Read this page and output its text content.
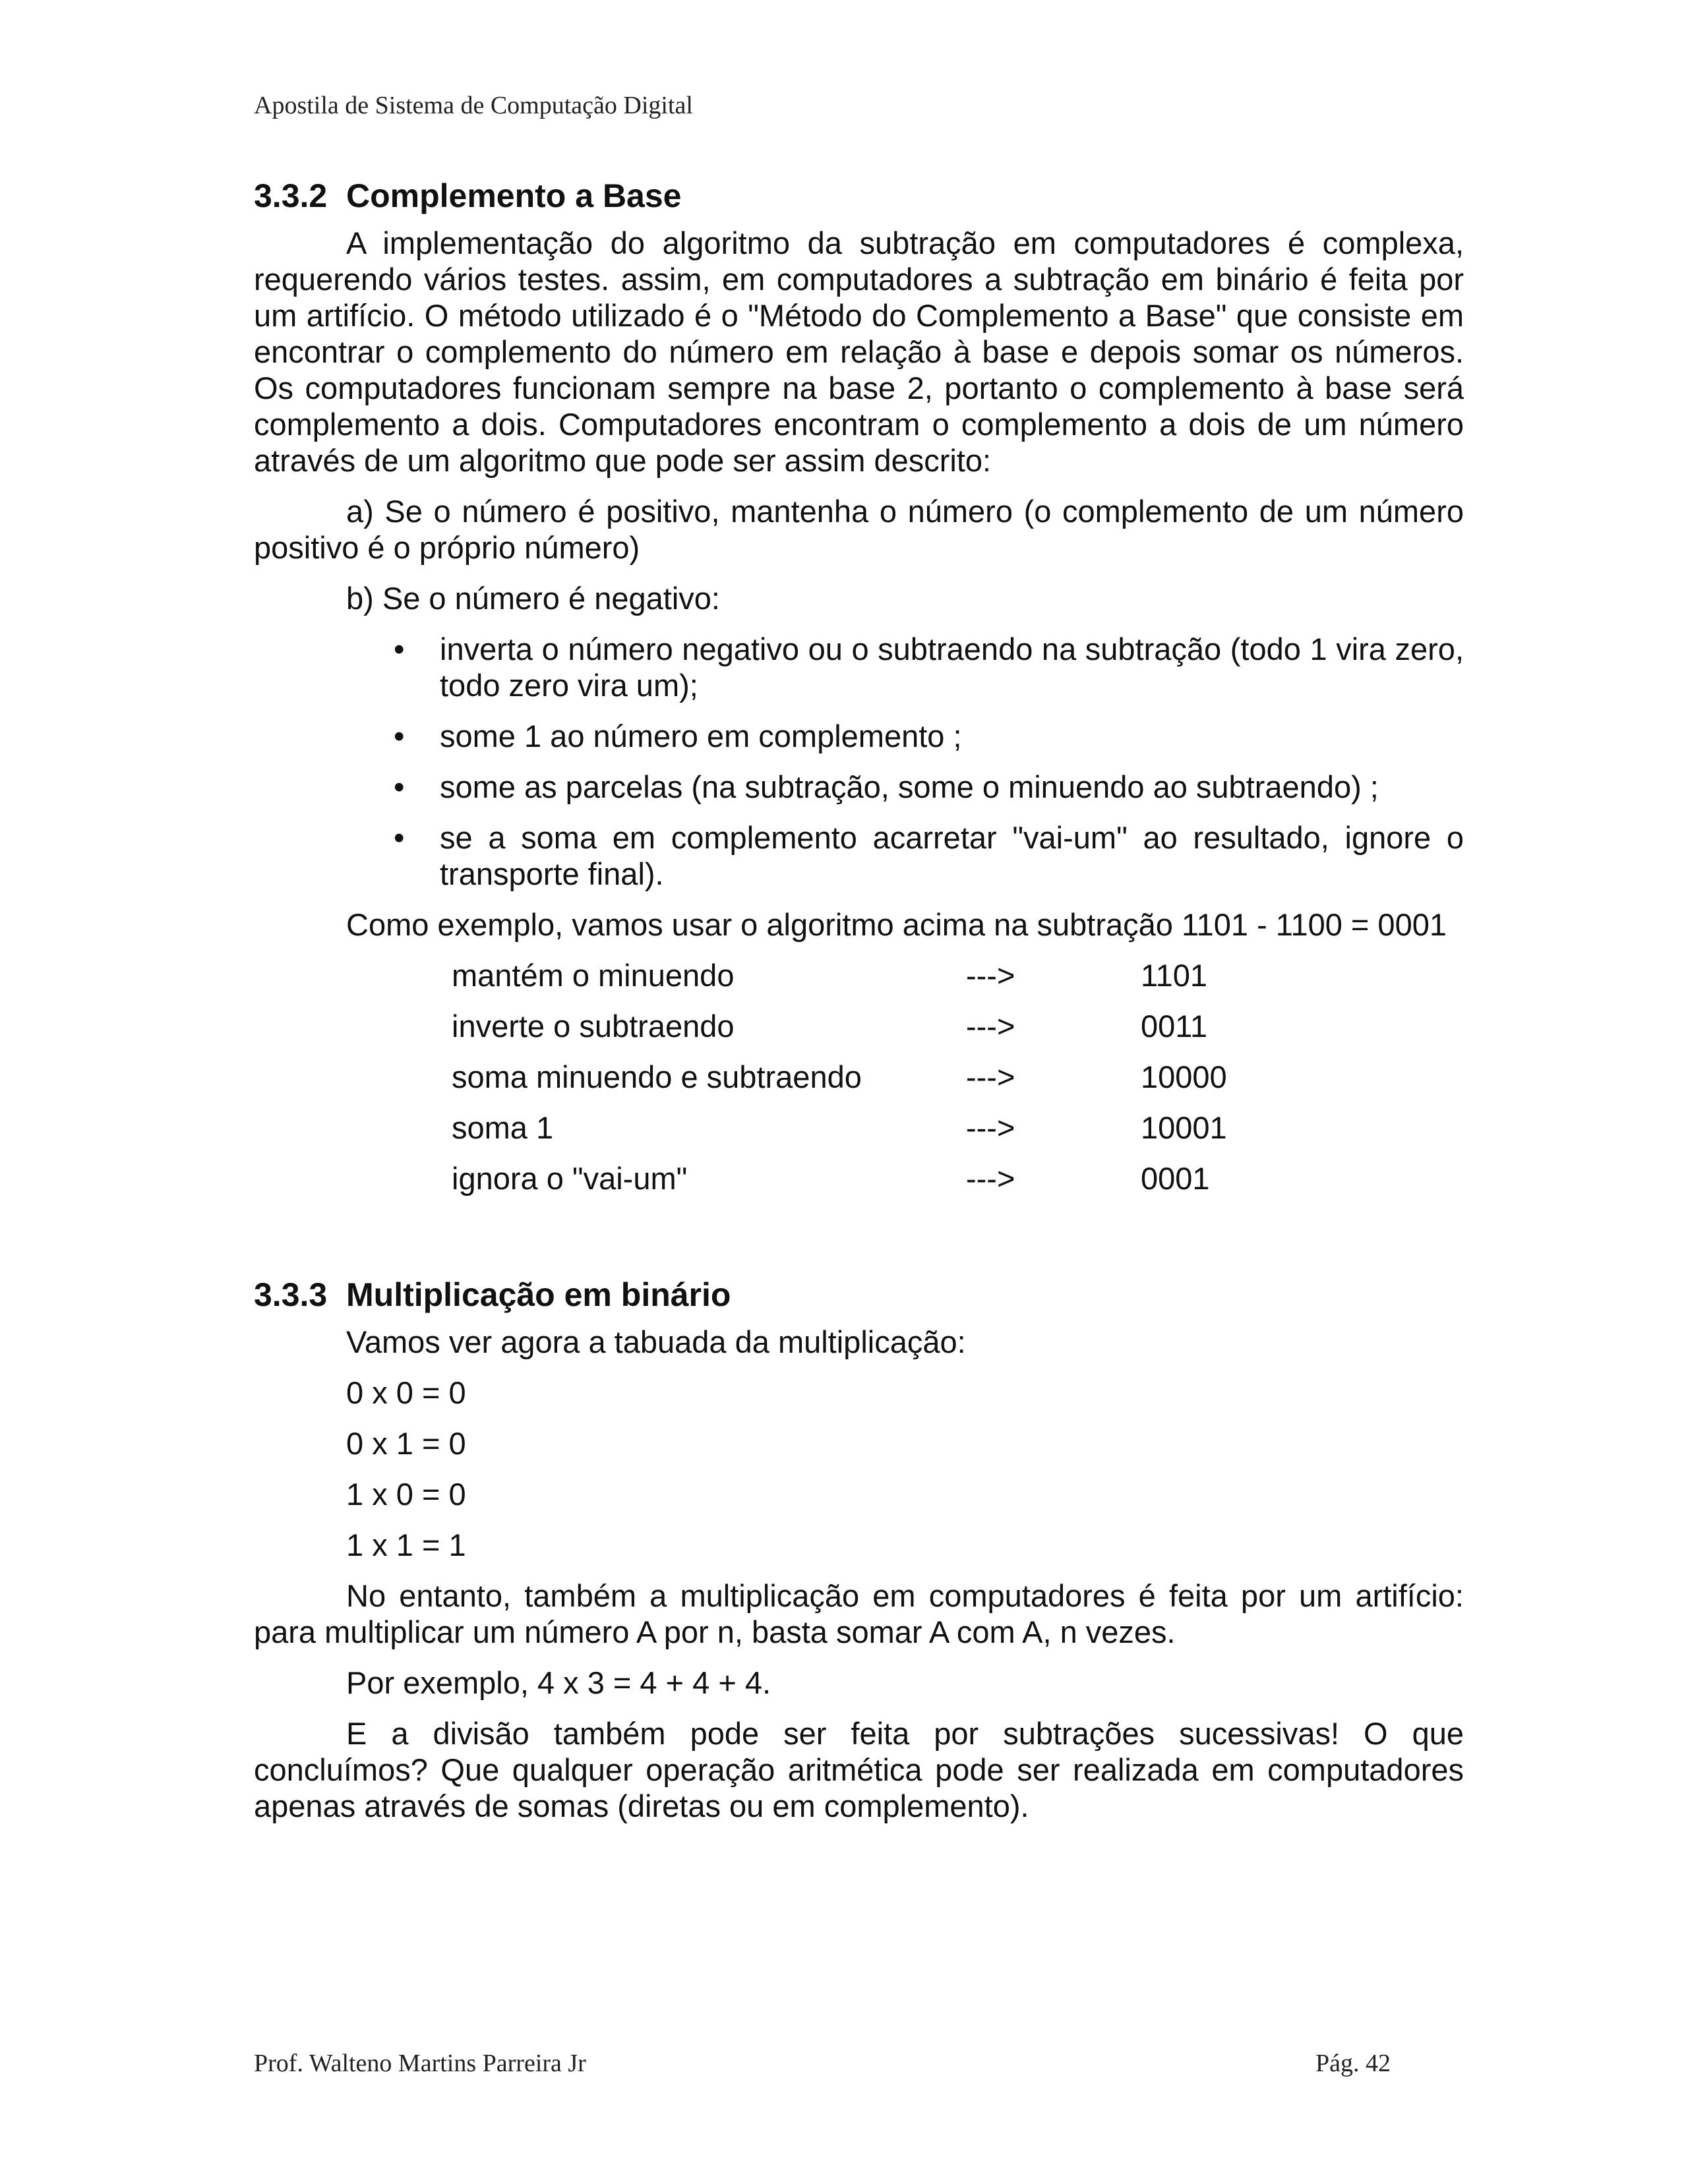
Apostila de Sistema de Computação Digital
3.3.2 Complemento a Base

A implementação do algoritmo da subtração em computadores é complexa, requerendo vários testes. assim, em computadores a subtração em binário é feita por um artifício. O método utilizado é o "Método do Complemento a Base" que consiste em encontrar o complemento do número em relação à base e depois somar os números. Os computadores funcionam sempre na base 2, portanto o complemento à base será complemento a dois. Computadores encontram o complemento a dois de um número através de um algoritmo que pode ser assim descrito:

a) Se o número é positivo, mantenha o número (o complemento de um número positivo é o próprio número)

b) Se o número é negativo:
• inverta o número negativo ou o subtraendo na subtração (todo 1 vira zero, todo zero vira um);
• some 1 ao número em complemento ;
• some as parcelas (na subtração, some o minuendo ao subtraendo) ;
• se a soma em complemento acarretar "vai-um" ao resultado, ignore o transporte final).
Como exemplo, vamos usar o algoritmo acima na subtração 1101 - 1100 = 0001
mantém o minuendo	--->	1101
inverte o subtraendo	--->	0011
soma minuendo e subtraendo	--->	10000
soma 1	--->	10001
ignora o "vai-um"	--->	0001
3.3.3 Multiplicação em binário
Vamos ver agora a tabuada da multiplicação:
0 x 0 = 0
0 x 1 = 0
1 x 0 = 0
1 x 1 = 1

No entanto, também a multiplicação em computadores é feita por um artifício: para multiplicar um número A por n, basta somar A com A, n vezes.

Por exemplo, 4 x 3 = 4 + 4 + 4.

E a divisão também pode ser feita por subtrações sucessivas! O que concluímos? Que qualquer operação aritmética pode ser realizada em computadores apenas através de somas (diretas ou em complemento).

Prof. Walteno Martins Parreira Jr	Pág. 42
